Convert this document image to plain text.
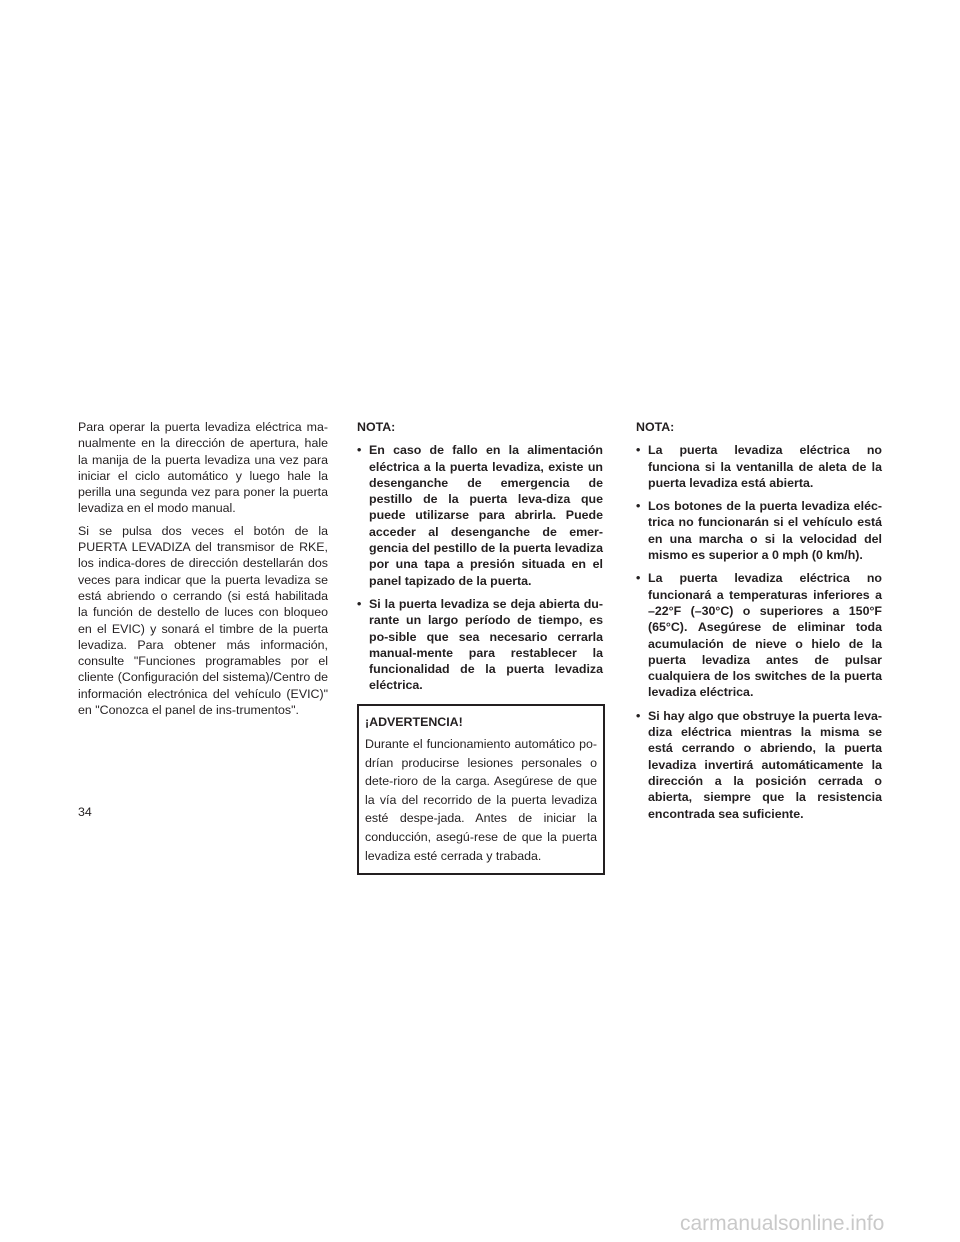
Para operar la puerta levadiza eléctrica ma-nualmente en la dirección de apertura, hale la manija de la puerta levadiza una vez para iniciar el ciclo automático y luego hale la perilla una segunda vez para poner la puerta levadiza en el modo manual.

Si se pulsa dos veces el botón de la PUERTA LEVADIZA del transmisor de RKE, los indica-dores de dirección destellarán dos veces para indicar que la puerta levadiza se está abriendo o cerrando (si está habilitada la función de destello de luces con bloqueo en el EVIC) y sonará el timbre de la puerta levadiza. Para obtener más información, consulte "Funciones programables por el cliente (Configuración del sistema)/Centro de información electrónica del vehículo (EVIC)" en "Conozca el panel de ins-trumentos".

NOTA:
• En caso de fallo en la alimentación eléctrica a la puerta levadiza, existe un desenganche de emergencia de pestillo de la puerta leva-diza que puede utilizarse para abrirla. Puede acceder al desenganche de emer-gencia del pestillo de la puerta levadiza por una tapa a presión situada en el panel tapizado de la puerta.
• Si la puerta levadiza se deja abierta du-rante un largo período de tiempo, es po-sible que sea necesario cerrarla manual-mente para restablecer la funcionalidad de la puerta levadiza eléctrica.
¡ADVERTENCIA!

Durante el funcionamiento automático po-drían producirse lesiones personales o dete-rioro de la carga. Asegúrese de que la vía del recorrido de la puerta levadiza esté despe-jada. Antes de iniciar la conducción, asegú-rese de que la puerta levadiza esté cerrada y trabada.

NOTA:
• La puerta levadiza eléctrica no funciona si la ventanilla de aleta de la puerta levadiza está abierta.
• Los botones de la puerta levadiza eléc-trica no funcionarán si el vehículo está en una marcha o si la velocidad del mismo es superior a 0 mph (0 km/h).
• La puerta levadiza eléctrica no funcionará a temperaturas inferiores a –22°F (–30°C) o superiores a 150°F (65°C). Asegúrese de eliminar toda acumulación de nieve o hielo de la puerta levadiza antes de pulsar cualquiera de los switches de la puerta levadiza eléctrica.
• Si hay algo que obstruye la puerta leva-diza eléctrica mientras la misma se está cerrando o abriendo, la puerta levadiza invertirá automáticamente la dirección a la posición cerrada o abierta, siempre que la resistencia encontrada sea suficiente.
34
carmanualsonline.info
